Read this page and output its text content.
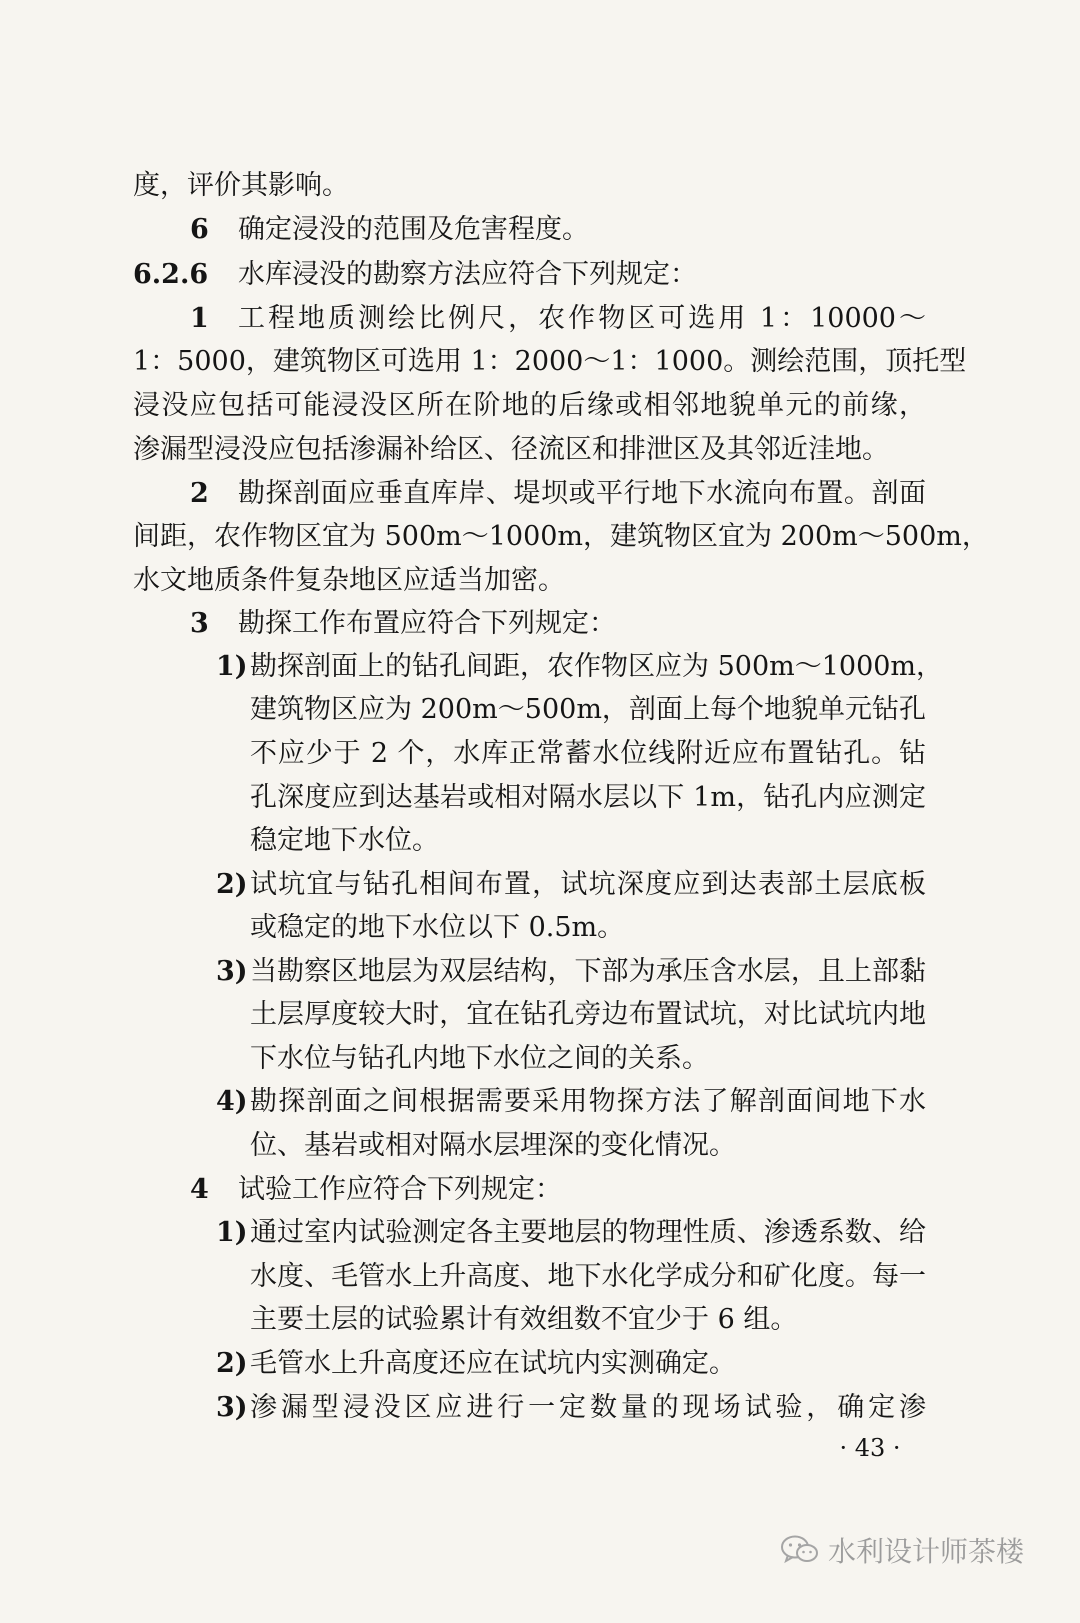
度，评价其影响。
6 确定浸没的范围及危害程度。
6.2.6 水库浸没的勘察方法应符合下列规定：
1 工程地质测绘比例尺，农作物区可选用 1：10000～
1：5000，建筑物区可选用 1：2000～1：1000。测绘范围，顶托型
浸没应包括可能浸没区所在阶地的后缘或相邻地貌单元的前缘，
渗漏型浸没应包括渗漏补给区、径流区和排泄区及其邻近洼地。
2 勘探剖面应垂直库岸、堤坝或平行地下水流向布置。剖面
间距，农作物区宜为 500m～1000m，建筑物区宜为 200m～500m，
水文地质条件复杂地区应适当加密。
3 勘探工作布置应符合下列规定：
1) 勘探剖面上的钻孔间距，农作物区应为 500m～1000m，
建筑物区应为 200m～500m，剖面上每个地貌单元钻孔
不应少于 2 个，水库正常蓄水位线附近应布置钻孔。钻
孔深度应到达基岩或相对隔水层以下 1m，钻孔内应测定
稳定地下水位。
2) 试坑宜与钻孔相间布置，试坑深度应到达表部土层底板
或稳定的地下水位以下 0.5m。
3) 当勘察区地层为双层结构，下部为承压含水层，且上部黏
土层厚度较大时，宜在钻孔旁边布置试坑，对比试坑内地
下水位与钻孔内地下水位之间的关系。
4) 勘探剖面之间根据需要采用物探方法了解剖面间地下水
位、基岩或相对隔水层埋深的变化情况。
4 试验工作应符合下列规定：
1) 通过室内试验测定各主要地层的物理性质、渗透系数、给
水度、毛管水上升高度、地下水化学成分和矿化度。每一
主要土层的试验累计有效组数不宜少于 6 组。
2) 毛管水上升高度还应在试坑内实测确定。
3) 渗漏型浸没区应进行一定数量的现场试验，确定渗
· 43 ·
水利设计师茶楼
